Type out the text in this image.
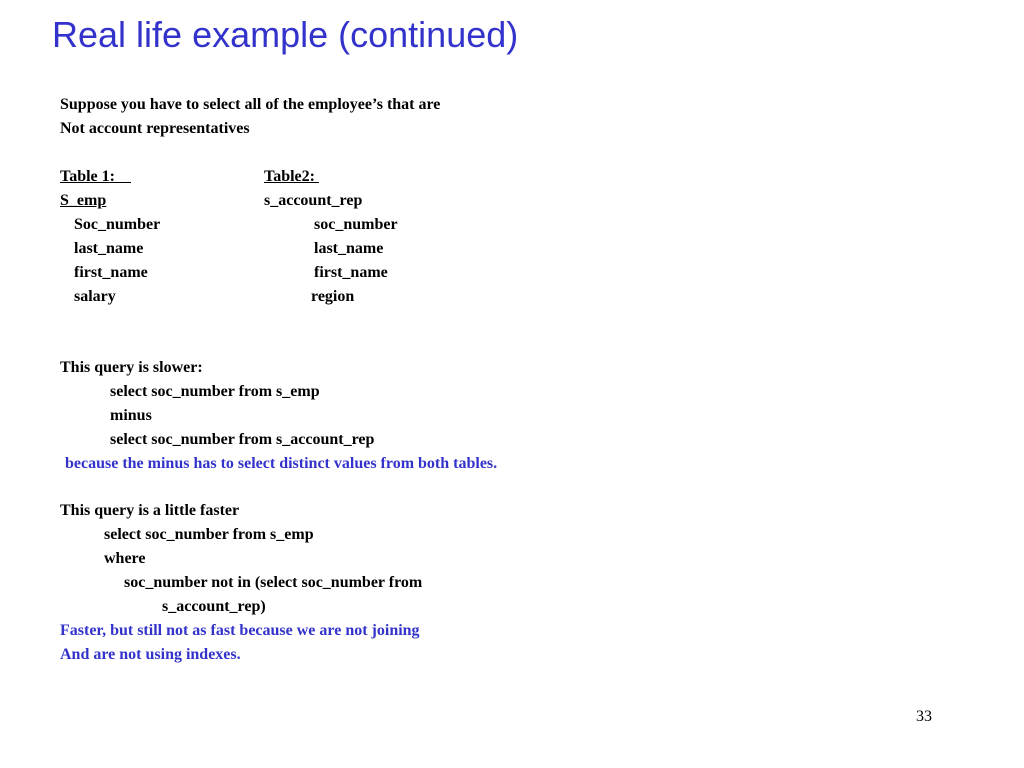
Real life example (continued)
Suppose you have to select all of the employee’s that are
Not account representatives
Table 1:	Table2:
S_emp	s_account_rep
Soc_number
last_name
first_name
salary
soc_number
last_name
first_name
region
This query is slower:
select soc_number from s_emp
minus
select soc_number from s_account_rep
because the minus has to select distinct values from both tables.
This query is a little faster
select soc_number from s_emp
where
soc_number not in (select soc_number from
s_account_rep)
Faster, but still not as fast because we are not joining
And are not using indexes.
33
